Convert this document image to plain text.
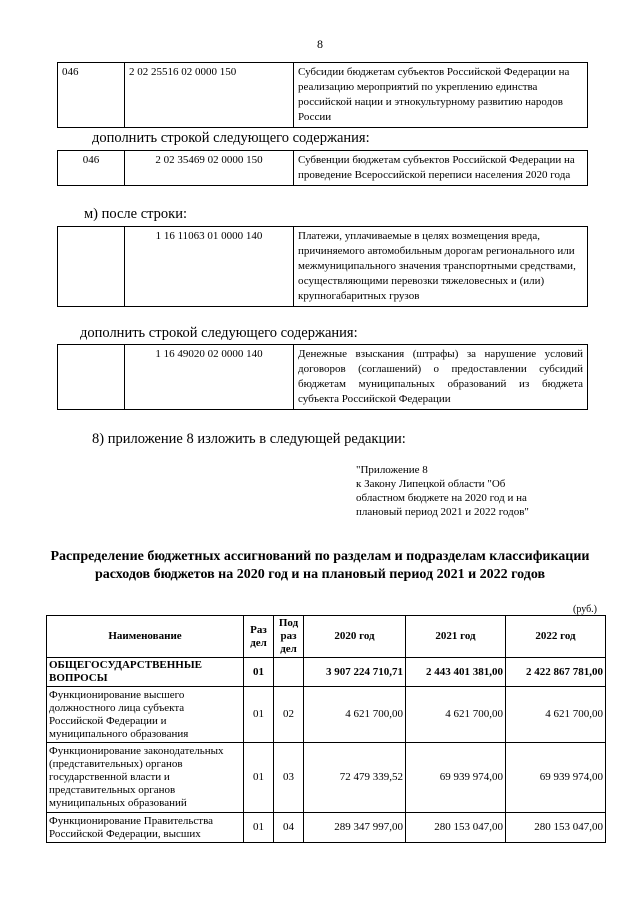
8
046	2 02 25516 02 0000 150	Субсидии бюджетам субъектов Российской Федерации на реализацию мероприятий по укреплению единства российской нации и этнокультурному развитию народов России
дополнить строкой следующего содержания:
046	2 02 35469 02 0000 150	Субвенции бюджетам субъектов Российской Федерации на проведение Всероссийской переписи населения 2020 года
м) после строки:
	1 16 11063 01 0000 140	Платежи, уплачиваемые в целях возмещения вреда, причиняемого автомобильным дорогам регионального или межмуниципального значения транспортными средствами, осуществляющими перевозки тяжеловесных и (или) крупногабаритных грузов
дополнить строкой следующего содержания:
	1 16 49020 02 0000 140	Денежные взыскания (штрафы) за нарушение условий договоров (соглашений) о предоставлении субсидий бюджетам муниципальных образований из бюджета субъекта Российской Федерации
8) приложение 8 изложить в следующей редакции:
"Приложение 8
к Закону Липецкой области "Об
областном бюджете на 2020 год и на
плановый период 2021 и 2022 годов"
Распределение бюджетных ассигнований по разделам и подразделам классификации расходов бюджетов на 2020 год и на плановый период 2021 и 2022 годов
(руб.)
Наименование	Раз дел	Под раз дел	2020 год	2021 год	2022 год
ОБЩЕГОСУДАРСТВЕННЫЕ ВОПРОСЫ	01		3 907 224 710,71	2 443 401 381,00	2 422 867 781,00
Функционирование высшего должностного лица субъекта Российской Федерации и муниципального образования	01	02	4 621 700,00	4 621 700,00	4 621 700,00
Функционирование законодательных (представительных) органов государственной власти и представительных органов муниципальных образований	01	03	72 479 339,52	69 939 974,00	69 939 974,00
Функционирование Правительства Российской Федерации, высших	01	04	289 347 997,00	280 153 047,00	280 153 047,00
